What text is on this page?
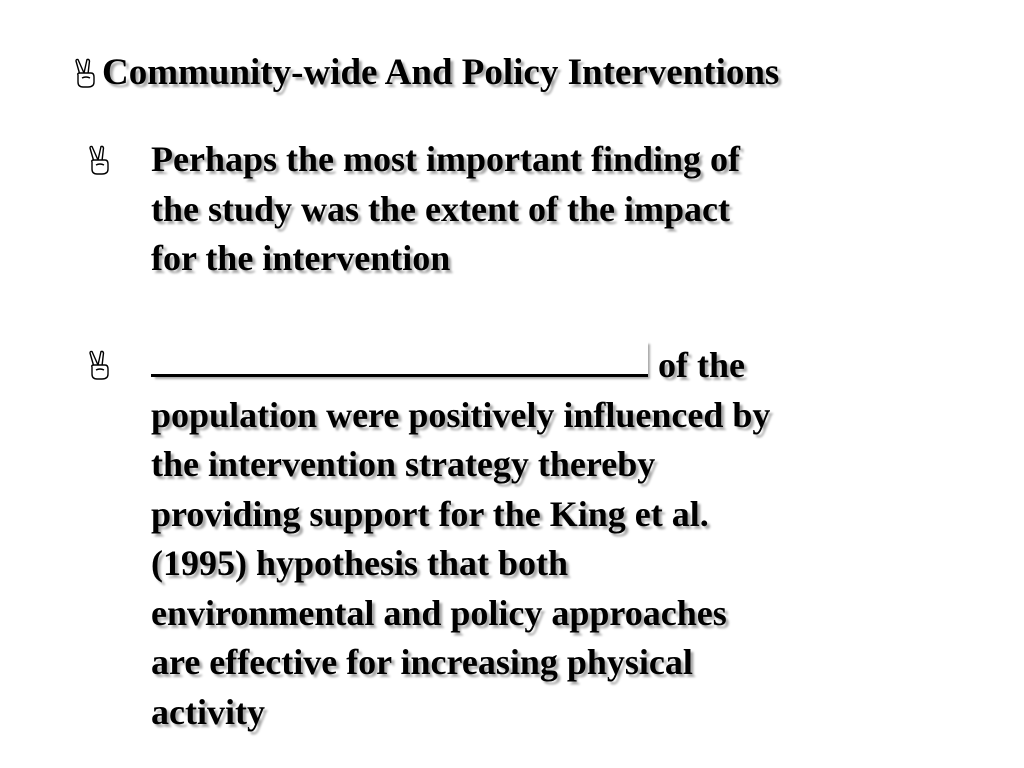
Community-wide And Policy Interventions
Perhaps the most important finding of
the study was the extent of the impact
for the intervention
of the
population were positively influenced by
the intervention strategy thereby
providing support for the King et al.
(1995) hypothesis that both
environmental and policy approaches
are effective for increasing physical
activity
